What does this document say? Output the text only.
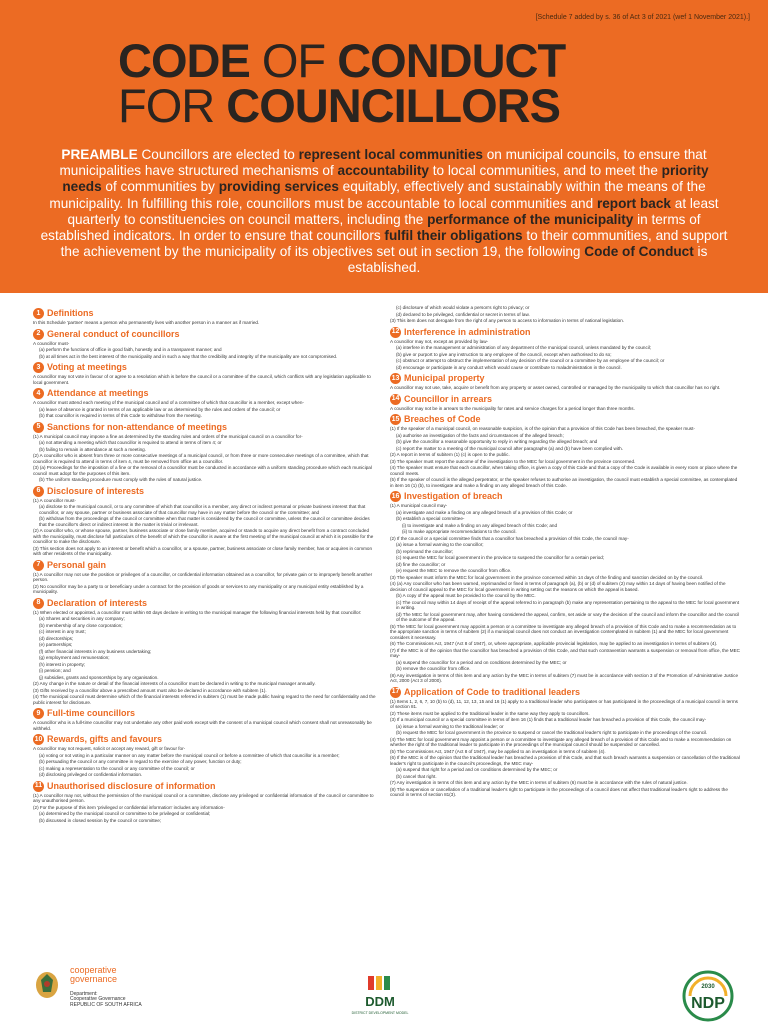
[Schedule 7 added by s. 36 of Act 3 of 2021 (wef 1 November 2021).]
CODE OF CONDUCT
FOR COUNCILLORS
PREAMBLE Councillors are elected to represent local communities on municipal councils, to ensure that municipalities have structured mechanisms of accountability to local communities, and to meet the priority needs of communities by providing services equitably, effectively and sustainably within the means of the municipality. In fulfilling this role, councillors must be accountable to local communities and report back at least quarterly to constituencies on council matters, including the performance of the municipality in terms of established indicators. In order to ensure that councillors fulfil their obligations to their communities, and support the achievement by the municipality of its objectives set out in section 19, the following Code of Conduct is established.
1 Definitions
In this Schedule 'partner' means a person who permanently lives with another person in a manner as if married.
2 General conduct of councillors
A councillor must-
(a) perform the functions of office in good faith, honestly and in a transparent manner; and
(b) at all times act in the best interest of the municipality and in such a way that the credibility and integrity of the municipality are not compromised.
3 Voting at meetings
A councillor may not vote in favour of or agree to a resolution which is before the council or a committee of the council, which conflicts with any legislation applicable to local government.
4 Attendance at meetings
A councillor must attend each meeting of the municipal council and of a committee of which that councillor is a member, except when-
(a) leave of absence is granted in terms of an applicable law or as determined by the rules and orders of the council; or
(b) that councillor is required in terms of this Code to withdraw from the meeting.
5 Sanctions for non-attendance of meetings
(1) A municipal council may impose a fine as determined by the standing rules and orders of the municipal council on a councillor for-
(a) not attending a meeting which that councillor is required to attend in terms of item 4; or
(b) failing to remain in attendance at such a meeting.
(2) A councillor who is absent from three or more consecutive meetings of a municipal council, or from three or more consecutive meetings of a committee, which that councillor is required to attend in terms of item 4, must be removed from office as a councillor.
(3) (a) Proceedings for the imposition of a fine or the removal of a councillor must be conducted in accordance with a uniform standing procedure which each municipal council must adopt for the purposes of this item.
(b) The uniform standing procedure must comply with the rules of natural justice.
6 Disclosure of interests
(1) A councillor must-
(a) disclose to the municipal council, or to any committee of which that councillor is a member, any direct or indirect personal or private business interest that that councillor, or any spouse, partner or business associate of that councillor may have in any matter before the council or the committee; and
(b) withdraw from the proceedings of the council or committee when that matter is considered by the council or committee, unless the council or committee decides that the councillor's direct or indirect interest in the matter is trivial or irrelevant.
(2) A councillor who, or whose spouse, partner, business associate or close family member, acquired or stands to acquire any direct benefit from a contract concluded with the municipality, must disclose full particulars of the benefit of which the councillor is aware at the first meeting of the municipal council at which it is possible for the councillor to make the disclosure.
(3) This section does not apply to an interest or benefit which a councillor, or a spouse, partner, business associate or close family member, has or acquires in common with other residents of the municipality.
7 Personal gain
(1) A councillor may not use the position or privileges of a councillor, or confidential information obtained as a councillor, for private gain or to improperly benefit another person.
(2) No councillor may be a party to or beneficiary under a contract for the provision of goods or services to any municipality or any municipal entity established by a municipality.
8 Declaration of interests
(1) When elected or appointed, a councillor must within 60 days declare in writing to the municipal manager the following financial interests held by that councillor:
(a) Shares and securities in any company;
(b) membership of any close corporation;
(c) interest in any trust;
(d) directorships;
(e) partnerships;
(f) other financial interests in any business undertaking;
(g) employment and remuneration;
(h) interest in property;
(i) pension; and
(j) subsidies, grants and sponsorships by any organisation.
(2) Any change in the nature or detail of the financial interests of a councillor must be declared in writing to the municipal manager annually.
(3) Gifts received by a councillor above a prescribed amount must also be declared in accordance with subitem (1).
(4) The municipal council must determine which of the financial interests referred in subitem (1) must be made public having regard to the need for confidentiality and the public interest for disclosure.
9 Full-time councillors
A councillor who is a full-time councillor may not undertake any other paid work except with the consent of a municipal council which consent shall not unreasonably be withheld.
10 Rewards, gifts and favours
A councillor may not request, solicit or accept any reward, gift or favour for-
(a) voting or not voting in a particular manner on any matter before the municipal council or before a committee of which that councillor is a member;
(b) persuading the council or any committee in regard to the exercise of any power, function or duty;
(c) making a representation to the council or any committee of the council; or
(d) disclosing privileged or confidential information.
11 Unauthorised disclosure of information
(1) A councillor may not, without the permission of the municipal council or a committee, disclose any privileged or confidential information of the council or committee to any unauthorised person.
(2) For the purpose of this item 'privileged or confidential information' includes any information-
(a) determined by the municipal council or committee to be privileged or confidential;
(b) discussed in closed session by the council or committee;
(c) disclosure of which would violate a person's right to privacy; or
(d) declared to be privileged, confidential or secret in terms of law.
(3) This item does not derogate from the right of any person to access to information in terms of national legislation.
12 Interference in administration
A councillor may not, except as provided by law-
(a) interfere in the management or administration of any department of the municipal council, unless mandated by the council;
(b) give or purport to give any instruction to any employee of the council, except when authorised to do so;
(c) obstruct or attempt to obstruct the implementation of any decision of the council or a committee by an employee of the council; or
(d) encourage or participate in any conduct which would cause or contribute to maladministration in the council.
13 Municipal property
A councillor may not use, take, acquire or benefit from any property or asset owned, controlled or managed by the municipality to which that councillor has no right.
14 Councillor in arrears
A councillor may not be in arrears to the municipality for rates and service charges for a period longer than three months.
15 Breaches of Code
(1) If the speaker of a municipal council, on reasonable suspicion, is of the opinion that a provision of this Code has been breached, the speaker must-
(a) authorise an investigation of the facts and circumstances of the alleged breach;
(b) give the councillor a reasonable opportunity to reply in writing regarding the alleged breach; and
(c) report the matter to a meeting of the municipal council after paragraphs (a) and (b) have been complied with.
(2) A report in terms of subitem (1) (c) is open to the public.
(3) The speaker must report the outcome of the investigation to the MEC for local government in the province concerned.
(4) The speaker must ensure that each councillor, when taking office, is given a copy of this Code and that a copy of the Code is available in every room or place where the council meets.
(5) If the speaker of council is the alleged perpetrator, or the speaker refuses to authorise an investigation, the council must establish a special committee, as contemplated in item 16 (1) (b), to investigate and make a finding on any alleged breach of this Code.
16 Investigation of breach
(1) A municipal council may-
(a) investigate and make a finding on any alleged breach of a provision of this Code; or
(b) establish a special committee-
(i) to investigate and make a finding on any alleged breach of this Code; and
(ii) to make appropriate recommendations to the council.
(2) If the council or a special committee finds that a councillor has breached a provision of this Code, the council may-
(a) issue a formal warning to the councillor;
(b) reprimand the councillor;
(c) request the MEC for local government in the province to suspend the councillor for a certain period;
(d) fine the councillor; or
(e) request the MEC to remove the councillor from office.
(3) The speaker must inform the MEC for local government in the province concerned within 14 days of the finding and sanction decided on by the council.
(4) (a) Any councillor who has been warned, reprimanded or fined in terms of paragraph (a), (b) or (d) of subitem (2) may within 14 days of having been notified of the decision of council appeal to the MEC for local government in writing setting out the reasons on which the appeal is based.
(b) A copy of the appeal must be provided to the council by the MEC.
(c) The council may within 14 days of receipt of the appeal referred to in paragraph (b) make any representation pertaining to the appeal to the MEC for local government in writing.
(d) The MEC for local government may, after having considered the appeal, confirm, set aside or vary the decision of the council and inform the councillor and the council of the outcome of the appeal.
(5) The MEC for local government may appoint a person or a committee to investigate any alleged breach of a provision of this Code and to make a recommendation as to the appropriate sanction in terms of subitem (2) if a municipal council does not conduct an investigation contemplated in subitem (1) and the MEC for local government considers it necessary.
(6) The Commissions Act, 1947 (Act 8 of 1947), or, where appropriate, applicable provincial legislation, may be applied to an investigation in terms of subitem (4).
(7) If the MEC is of the opinion that the councillor has breached a provision of this Code, and that such contravention warrants a suspension or removal from office, the MEC may-
(a) suspend the councillor for a period and on conditions determined by the MEC; or
(b) remove the councillor from office.
(8) Any investigation in terms of this item and any action by the MEC in terms of subitem (7) must be in accordance with section 3 of the Promotion of Administrative Justice Act, 2000 (Act 3 of 2000).
17 Application of Code to traditional leaders
(1) Items 1, 2, 6, 7, 10 (b) to (d), 11, 12, 13, 15 and 16 (1) apply to a traditional leader who participates or has participated in the proceedings of a municipal council in terms of section 81.
(2) These items must be applied to the traditional leader in the same way they apply to councillors.
(3) If a municipal council or a special committee in terms of item 16 (1) finds that a traditional leader has breached a provision of this Code, the council may-
(a) issue a formal warning to the traditional leader; or
(b) request the MEC for local government in the province to suspend or cancel the traditional leader's right to participate in the proceedings of the council.
(4) The MEC for local government may appoint a person or a committee to investigate any alleged breach of a provision of this Code and to make a recommendation on whether the right of the traditional leader to participate in the proceedings of the municipal council should be suspended or cancelled.
(5) The Commissions Act, 1947 (Act 8 of 1947), may be applied to an investigation in terms of subitem (4).
(6) If the MEC is of the opinion that the traditional leader has breached a provision of this Code, and that such breach warrants a suspension or cancellation of the traditional leader's right to participate in the council's proceedings, the MEC may-
(a) suspend that right for a period and on conditions determined by the MEC; or
(b) cancel that right.
(7) Any investigation in terms of this item and any action by the MEC in terms of subitem (6) must be in accordance with the rules of natural justice.
(8) The suspension or cancellation of a traditional leader's right to participate in the proceedings of a council does not affect that traditional leader's right to address the council in terms of section 81(3).
cooperative
governance
Department:
Cooperative Governance
REPUBLIC OF SOUTH AFRICA	DDM
DISTRICT DEVELOPMENT MODEL
2030
NDP
